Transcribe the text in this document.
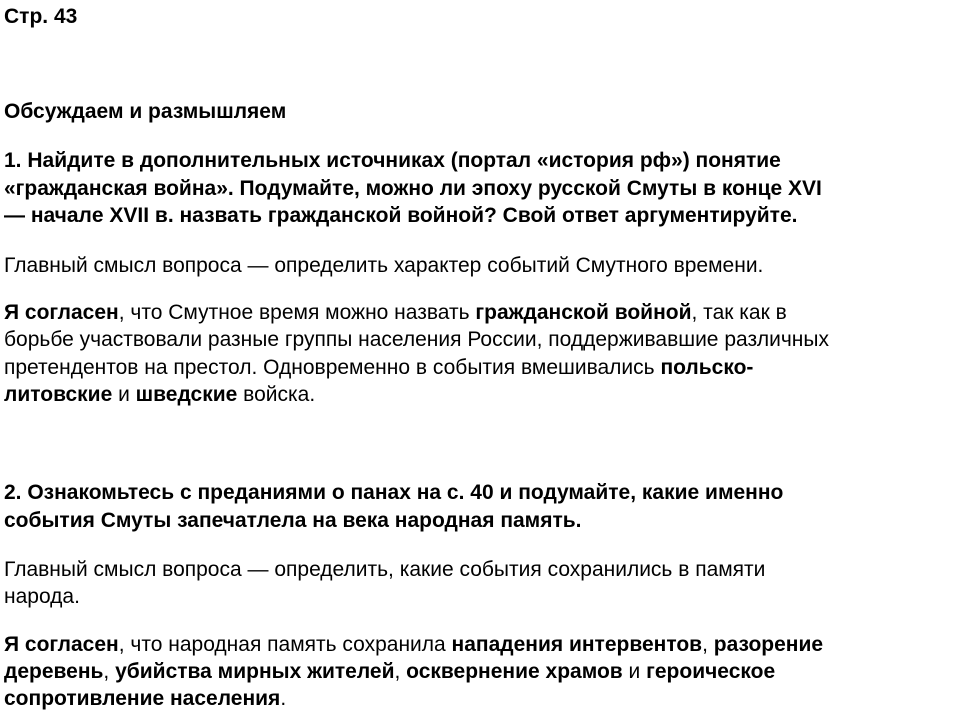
Стр. 43
Обсуждаем и размышляем
1. Найдите в дополнительных источниках (портал «история рф») понятие
«гражданская война». Подумайте, можно ли эпоху русской Смуты в конце XVI
— началe XVII в. назвать гражданской войной? Свой ответ аргументируйте.
Главный смысл вопроса — определить характер событий Смутного времени.
Я согласен, что Смутное время можно назвать гражданской войной, так как в
борьбе участвовали разные группы населения России, поддерживавшие различных
претендентов на престол. Одновременно в события вмешивались польско-
литовские и шведские войска.
2. Ознакомьтесь с преданиями о панах на с. 40 и подумайте, какие именно
события Смуты запечатлела на века народная память.
Главный смысл вопроса — определить, какие события сохранились в памяти
народа.
Я согласен, что народная память сохранила нападения интервентов, разорение
деревень, убийства мирных жителей, осквернение храмов и героическое
сопротивление населения.
